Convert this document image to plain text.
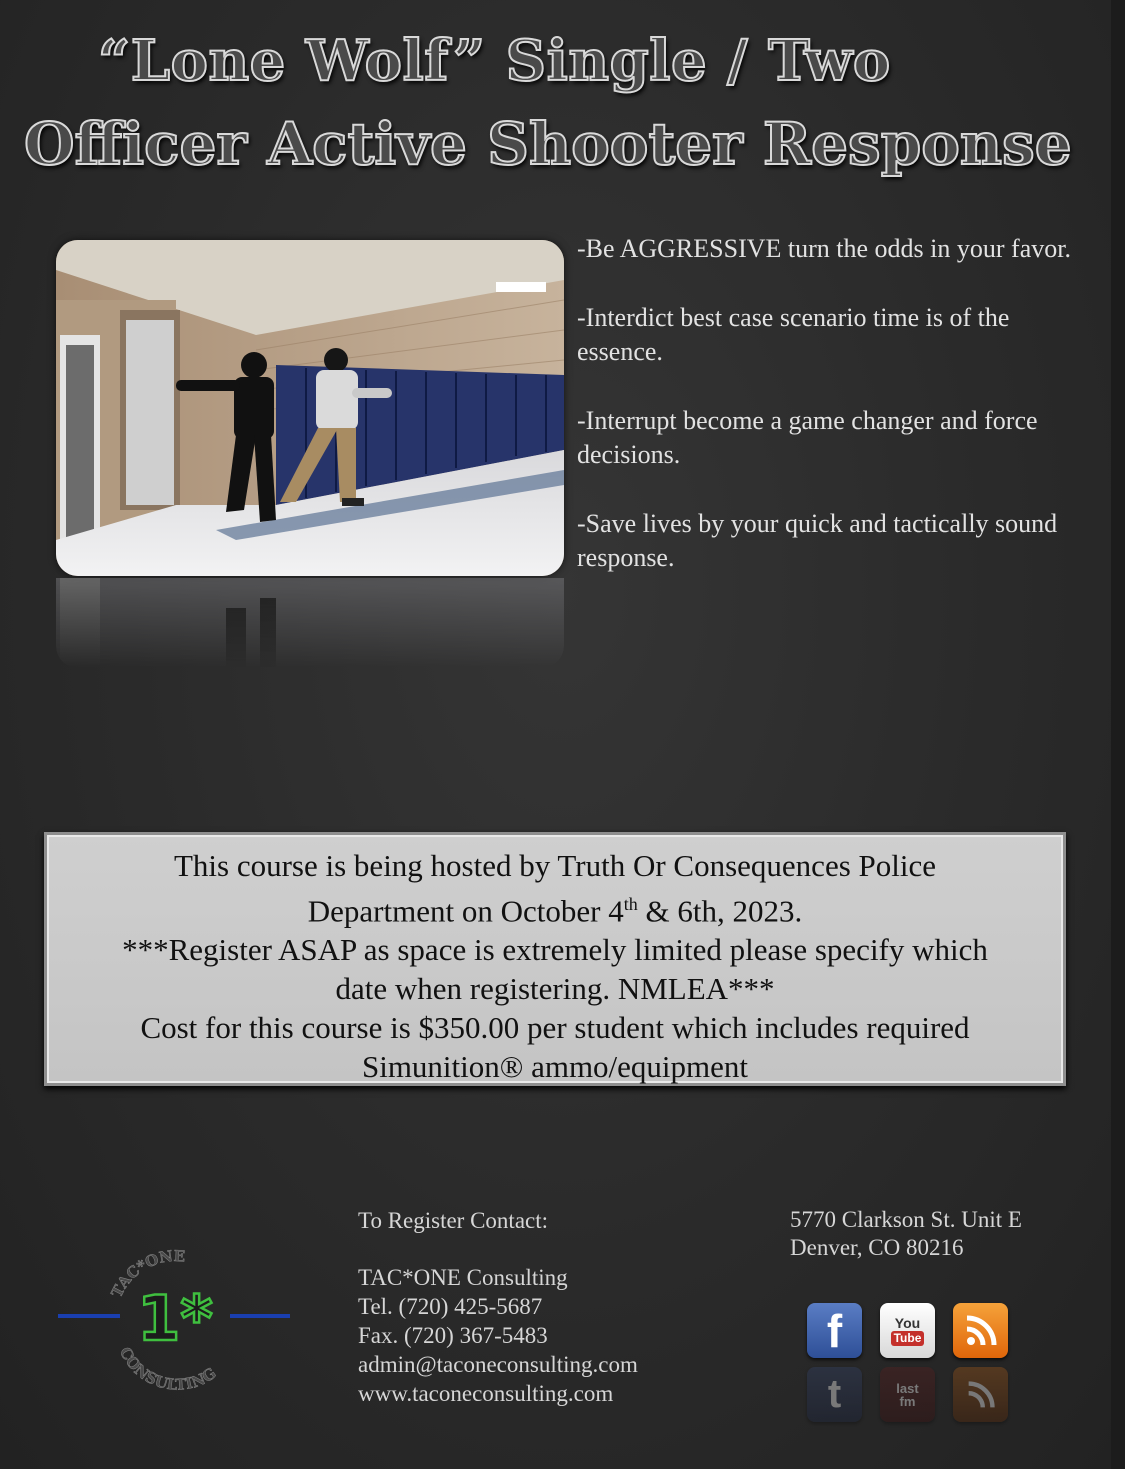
“Lone Wolf” Single / Two
Officer Active Shooter Response

-Be AGGRESSIVE turn the odds in your favor.

-Interdict best case scenario time is of the essence.

-Interrupt become a game changer and force decisions.

-Save lives by your quick and tactically sound response.

This course is being hosted by Truth Or Consequences Police

Department on October 4th & 6th, 2023.

***Register ASAP as space is extremely limited please specify which

date when registering. NMLEA***

Cost for this course is $350.00 per student which includes required

Simunition® ammo/equipment

TAC*ONE
CONSULTING
1*
To Register Contact:
TAC*ONE Consulting
Tel. (720) 425-5687
Fax. (720) 367-5483
admin@taconeconsulting.com
www.taconeconsulting.com
5770 Clarkson St. Unit E
Denver, CO 80216
f	You
Tube
t	last
fm
